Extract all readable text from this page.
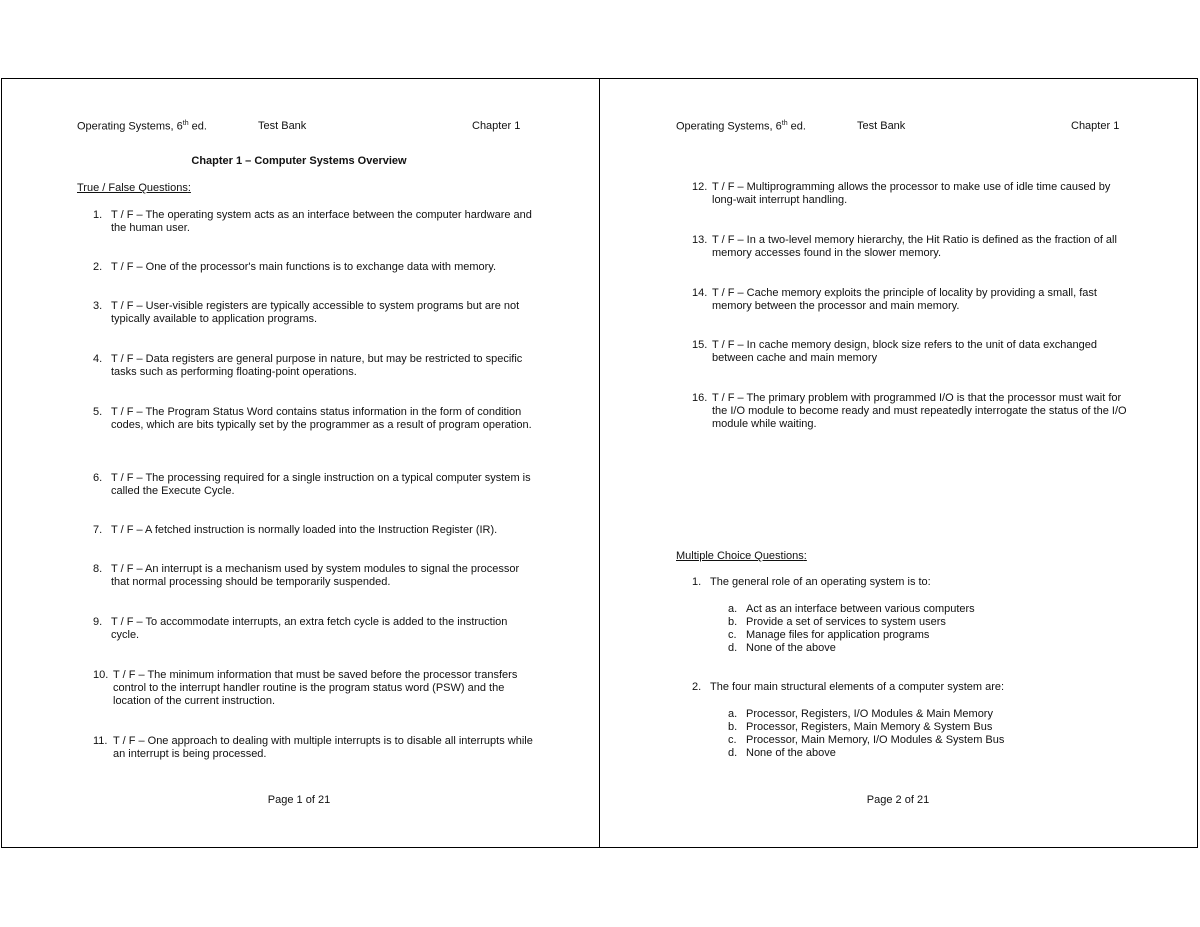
Operating Systems, 6th ed.	Test Bank	Chapter 1
Chapter 1 – Computer Systems Overview
True / False Questions:
1. T / F – The operating system acts as an interface between the computer hardware and the human user.
2. T / F – One of the processor's main functions is to exchange data with memory.
3. T / F – User-visible registers are typically accessible to system programs but are not typically available to application programs.
4. T / F – Data registers are general purpose in nature, but may be restricted to specific tasks such as performing floating-point operations.
5. T / F – The Program Status Word contains status information in the form of condition codes, which are bits typically set by the programmer as a result of program operation.
6. T / F – The processing required for a single instruction on a typical computer system is called the Execute Cycle.
7. T / F – A fetched instruction is normally loaded into the Instruction Register (IR).
8. T / F – An interrupt is a mechanism used by system modules to signal the processor that normal processing should be temporarily suspended.
9. T / F – To accommodate interrupts, an extra fetch cycle is added to the instruction cycle.
10. T / F – The minimum information that must be saved before the processor transfers control to the interrupt handler routine is the program status word (PSW) and the location of the current instruction.
11. T / F – One approach to dealing with multiple interrupts is to disable all interrupts while an interrupt is being processed.
Page 1 of 21
Operating Systems, 6th ed.	Test Bank	Chapter 1
12. T / F – Multiprogramming allows the processor to make use of idle time caused by long-wait interrupt handling.
13. T / F – In a two-level memory hierarchy, the Hit Ratio is defined as the fraction of all memory accesses found in the slower memory.
14. T / F – Cache memory exploits the principle of locality by providing a small, fast memory between the processor and main memory.
15. T / F – In cache memory design, block size refers to the unit of data exchanged between cache and main memory
16. T / F – The primary problem with programmed I/O is that the processor must wait for the I/O module to become ready and must repeatedly interrogate the status of the I/O module while waiting.
Multiple Choice Questions:
1. The general role of an operating system is to:
a. Act as an interface between various computers
b. Provide a set of services to system users
c. Manage files for application programs
d. None of the above
2. The four main structural elements of a computer system are:
a. Processor, Registers, I/O Modules & Main Memory
b. Processor, Registers, Main Memory & System Bus
c. Processor, Main Memory, I/O Modules & System Bus
d. None of the above
Page 2 of 21
